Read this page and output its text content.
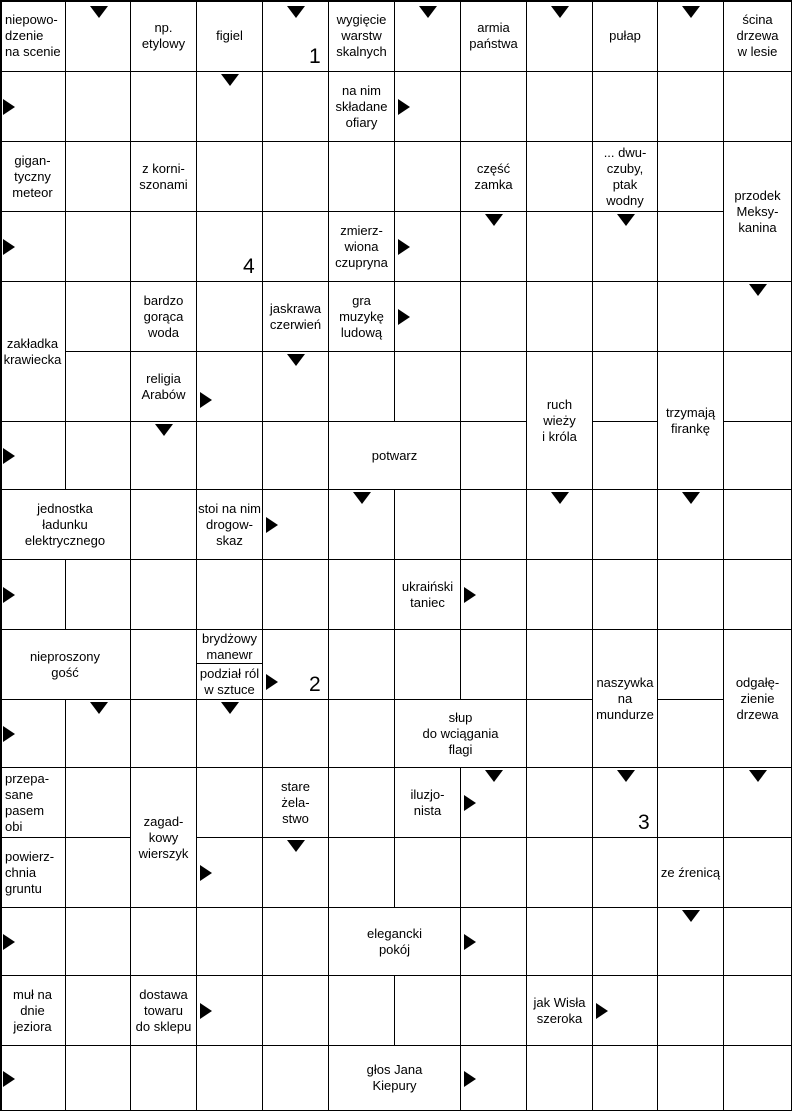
niepowo-
dzenie
na scenie
np.
etylowy
figiel
wygięcie
warstw
skalnych
armia
państwa
pułap
ścina
drzewa
w lesie
na nim
składane
ofiary
gigan-
tyczny
meteor
z korni-
szonami
część
zamka
... dwu-
czuby,
ptak wodny	przodek
Meksy-
kanina
zmierz-
wiona
czupryna
bardzo
gorąca
woda
jaskrawa
czerwień
gra
muzykę
ludową
zakładka
krawiecka
religia
Arabów
ruch
wieży
i króla
trzymają
firankę
potwarz
jednostka
ładunku
elektrycznego
stoi na nim
drogow-
skaz
ukraiński
taniec
nieproszony
gość
naszywka
na
mundurze
odgałę-
zienie
drzewa
słup
do wciągania
flagi
przepa-
sane
pasem
obi	zagad-
kowy
wierszyk
stare
żela-
stwo
iluzjo-
nista
powierz-
chnia
gruntu
ze źrenicą
elegancki
pokój
muł na
dnie
jeziora
dostawa
towaru
do sklepu
jak Wisła
szeroka
głos Jana
Kiepury
brydżowy
manewr
podział ról
w sztuce
1
4
2
3
